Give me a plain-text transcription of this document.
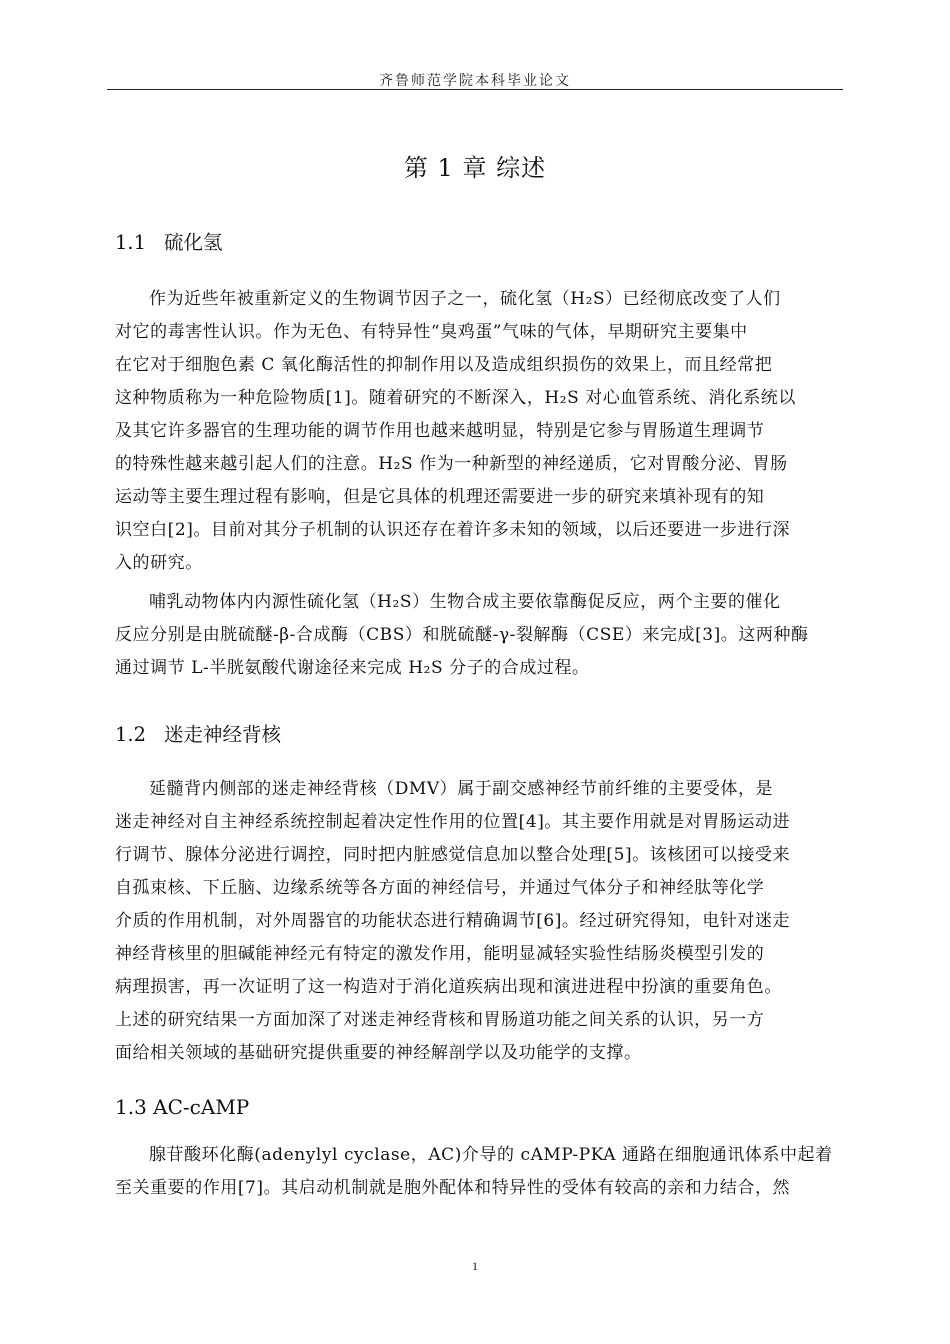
齐鲁师范学院本科毕业论文
第 1 章 综述
1.1 硫化氢
作为近些年被重新定义的生物调节因子之一，硫化氢（H₂S）已经彻底改变了人们
对它的毒害性认识。作为无色、有特异性“臭鸡蛋”气味的气体，早期研究主要集中
在它对于细胞色素 C 氧化酶活性的抑制作用以及造成组织损伤的效果上，而且经常把
这种物质称为一种危险物质[1]。随着研究的不断深入，H₂S 对心血管系统、消化系统以
及其它许多器官的生理功能的调节作用也越来越明显，特别是它参与胃肠道生理调节
的特殊性越来越引起人们的注意。H₂S 作为一种新型的神经递质，它对胃酸分泌、胃肠
运动等主要生理过程有影响，但是它具体的机理还需要进一步的研究来填补现有的知
识空白[2]。目前对其分子机制的认识还存在着许多未知的领域，以后还要进一步进行深
入的研究。
哺乳动物体内内源性硫化氢（H₂S）生物合成主要依靠酶促反应，两个主要的催化
反应分别是由胱硫醚-β-合成酶（CBS）和胱硫醚-γ-裂解酶（CSE）来完成[3]。这两种酶
通过调节 L-半胱氨酸代谢途径来完成 H₂S 分子的合成过程。
1.2 迷走神经背核
延髓背内侧部的迷走神经背核（DMV）属于副交感神经节前纤维的主要受体，是
迷走神经对自主神经系统控制起着决定性作用的位置[4]。其主要作用就是对胃肠运动进
行调节、腺体分泌进行调控，同时把内脏感觉信息加以整合处理[5]。该核团可以接受来
自孤束核、下丘脑、边缘系统等各方面的神经信号，并通过气体分子和神经肽等化学
介质的作用机制，对外周器官的功能状态进行精确调节[6]。经过研究得知，电针对迷走
神经背核里的胆碱能神经元有特定的激发作用，能明显减轻实验性结肠炎模型引发的
病理损害，再一次证明了这一构造对于消化道疾病出现和演进进程中扮演的重要角色。
上述的研究结果一方面加深了对迷走神经背核和胃肠道功能之间关系的认识，另一方
面给相关领域的基础研究提供重要的神经解剖学以及功能学的支撑。
1.3 AC-cAMP
腺苷酸环化酶(adenylyl cyclase，AC)介导的 cAMP-PKA 通路在细胞通讯体系中起着
至关重要的作用[7]。其启动机制就是胞外配体和特异性的受体有较高的亲和力结合，然
1
